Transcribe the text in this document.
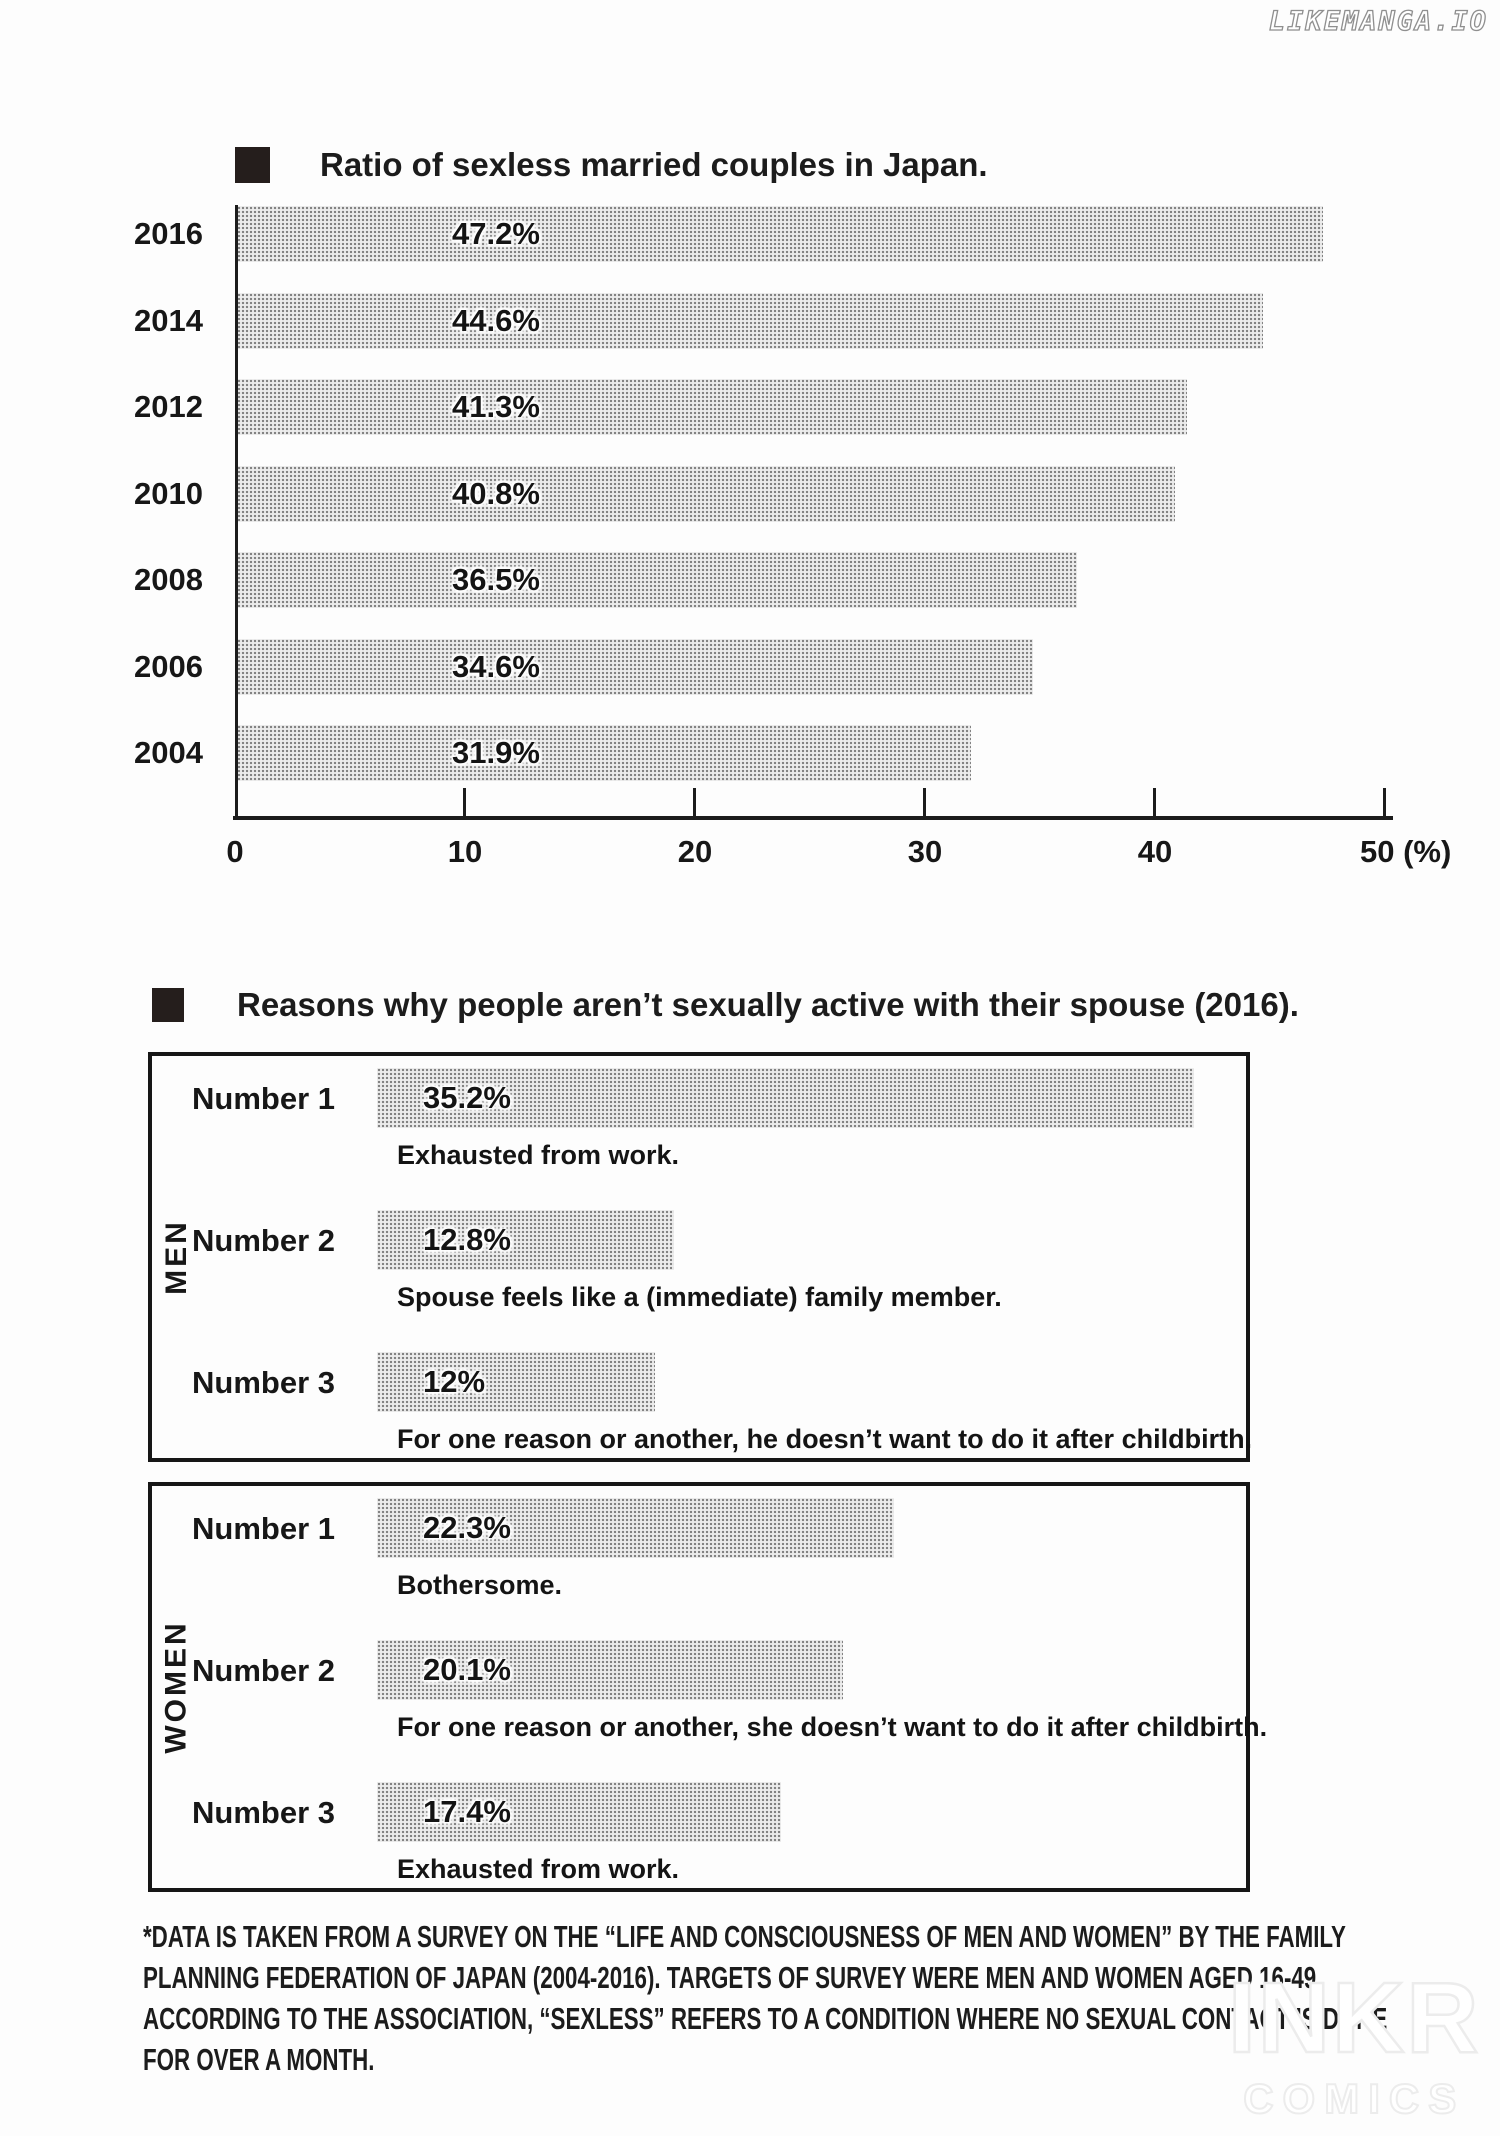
LIKEMANGA.IO
Ratio of sexless married couples in Japan.
2016	47.2%
2014	44.6%
2012	41.3%
2010	40.8%
2008	36.5%
2006	34.6%
2004	31.9%
0	10	20	30	40	50 (%)
Reasons why people aren’t sexually active with their spouse (2016).
MEN
Number 1	35.2%
Exhausted from work.
Number 2	12.8%
Spouse feels like a (immediate) family member.
Number 3	12%
For one reason or another, he doesn’t want to do it after childbirth.
WOMEN
Number 1	22.3%
Bothersome.
Number 2	20.1%
For one reason or another, she doesn’t want to do it after childbirth.
Number 3	17.4%
Exhausted from work.
*DATA IS TAKEN FROM A SURVEY ON THE “LIFE AND CONSCIOUSNESS OF MEN AND WOMEN” BY THE FAMILY
PLANNING FEDERATION OF JAPAN (2004-2016). TARGETS OF SURVEY WERE MEN AND WOMEN AGED 16-49.
ACCORDING TO THE ASSOCIATION, “SEXLESS” REFERS TO A CONDITION WHERE NO SEXUAL CONTACT IS DONE
FOR OVER A MONTH.	INKR
COMICS
